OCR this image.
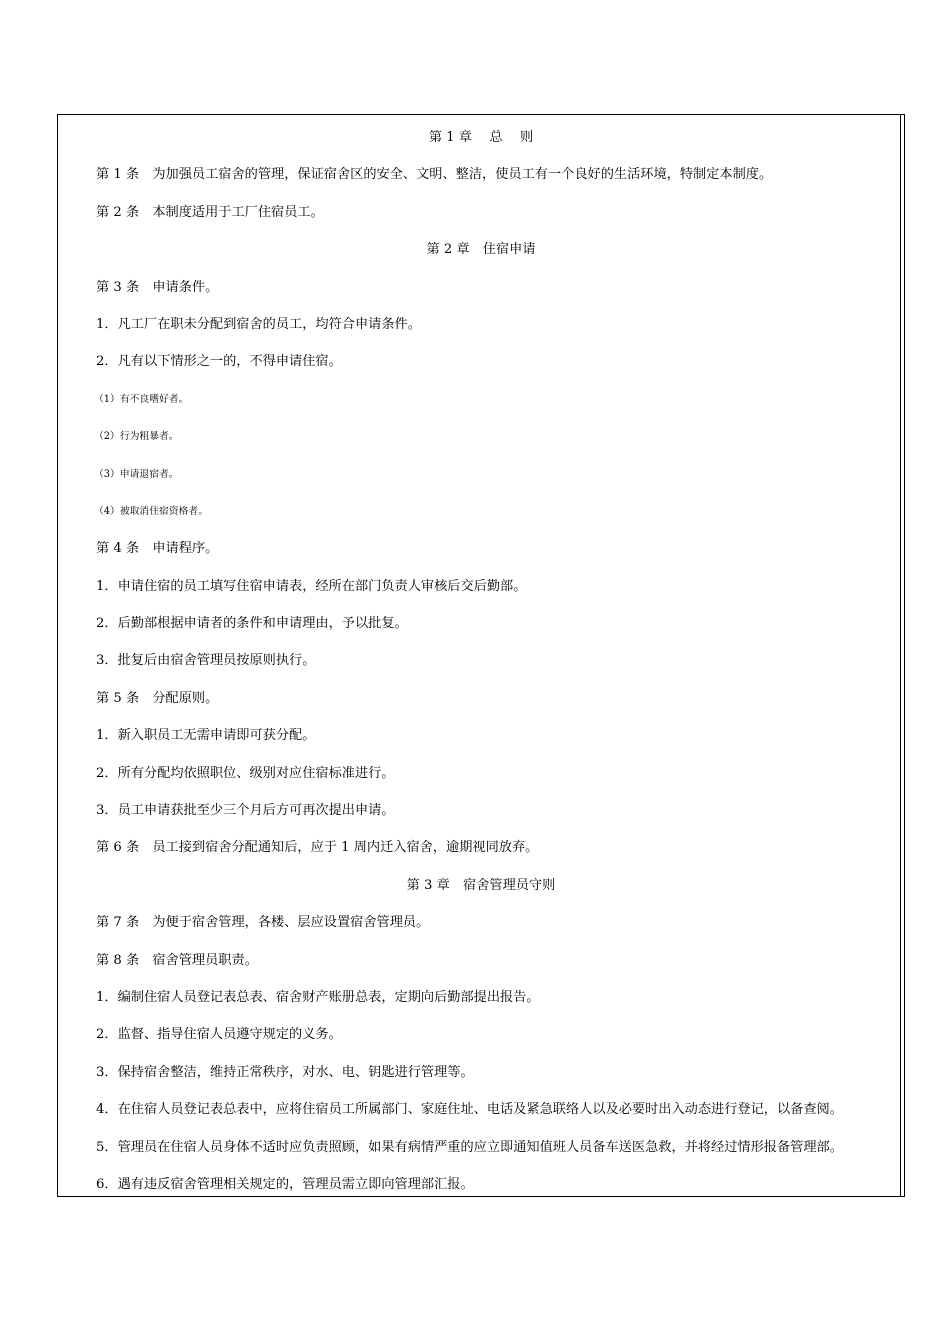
第 1 章　 总　 则
第 1 条　为加强员工宿舍的管理，保证宿舍区的安全、文明、整洁，使员工有一个良好的生活环境，特制定本制度。
第 2 条　本制度适用于工厂住宿员工。
第 2 章　住宿申请
第 3 条　申请条件。
1．凡工厂在职未分配到宿舍的员工，均符合申请条件。
2．凡有以下情形之一的，不得申请住宿。
（1）有不良嗜好者。
（2）行为粗暴者。
（3）申请退宿者。
（4）被取消住宿资格者。
第 4 条　申请程序。
1．申请住宿的员工填写住宿申请表，经所在部门负责人审核后交后勤部。
2．后勤部根据申请者的条件和申请理由，予以批复。
3．批复后由宿舍管理员按原则执行。
第 5 条　分配原则。
1．新入职员工无需申请即可获分配。
2．所有分配均依照职位、级别对应住宿标准进行。
3．员工申请获批至少三个月后方可再次提出申请。
第 6 条　员工接到宿舍分配通知后，应于 1 周内迁入宿舍，逾期视同放弃。
第 3 章　宿舍管理员守则
第 7 条　为便于宿舍管理，各楼、层应设置宿舍管理员。
第 8 条　宿舍管理员职责。
1．编制住宿人员登记表总表、宿舍财产账册总表，定期向后勤部提出报告。
2．监督、指导住宿人员遵守规定的义务。
3．保持宿舍整洁，维持正常秩序，对水、电、钥匙进行管理等。
4．在住宿人员登记表总表中，应将住宿员工所属部门、家庭住址、电话及紧急联络人以及必要时出入动态进行登记，以备查阅。
5．管理员在住宿人员身体不适时应负责照顾，如果有病情严重的应立即通知值班人员备车送医急救，并将经过情形报备管理部。
6．遇有违反宿舍管理相关规定的，管理员需立即向管理部汇报。
